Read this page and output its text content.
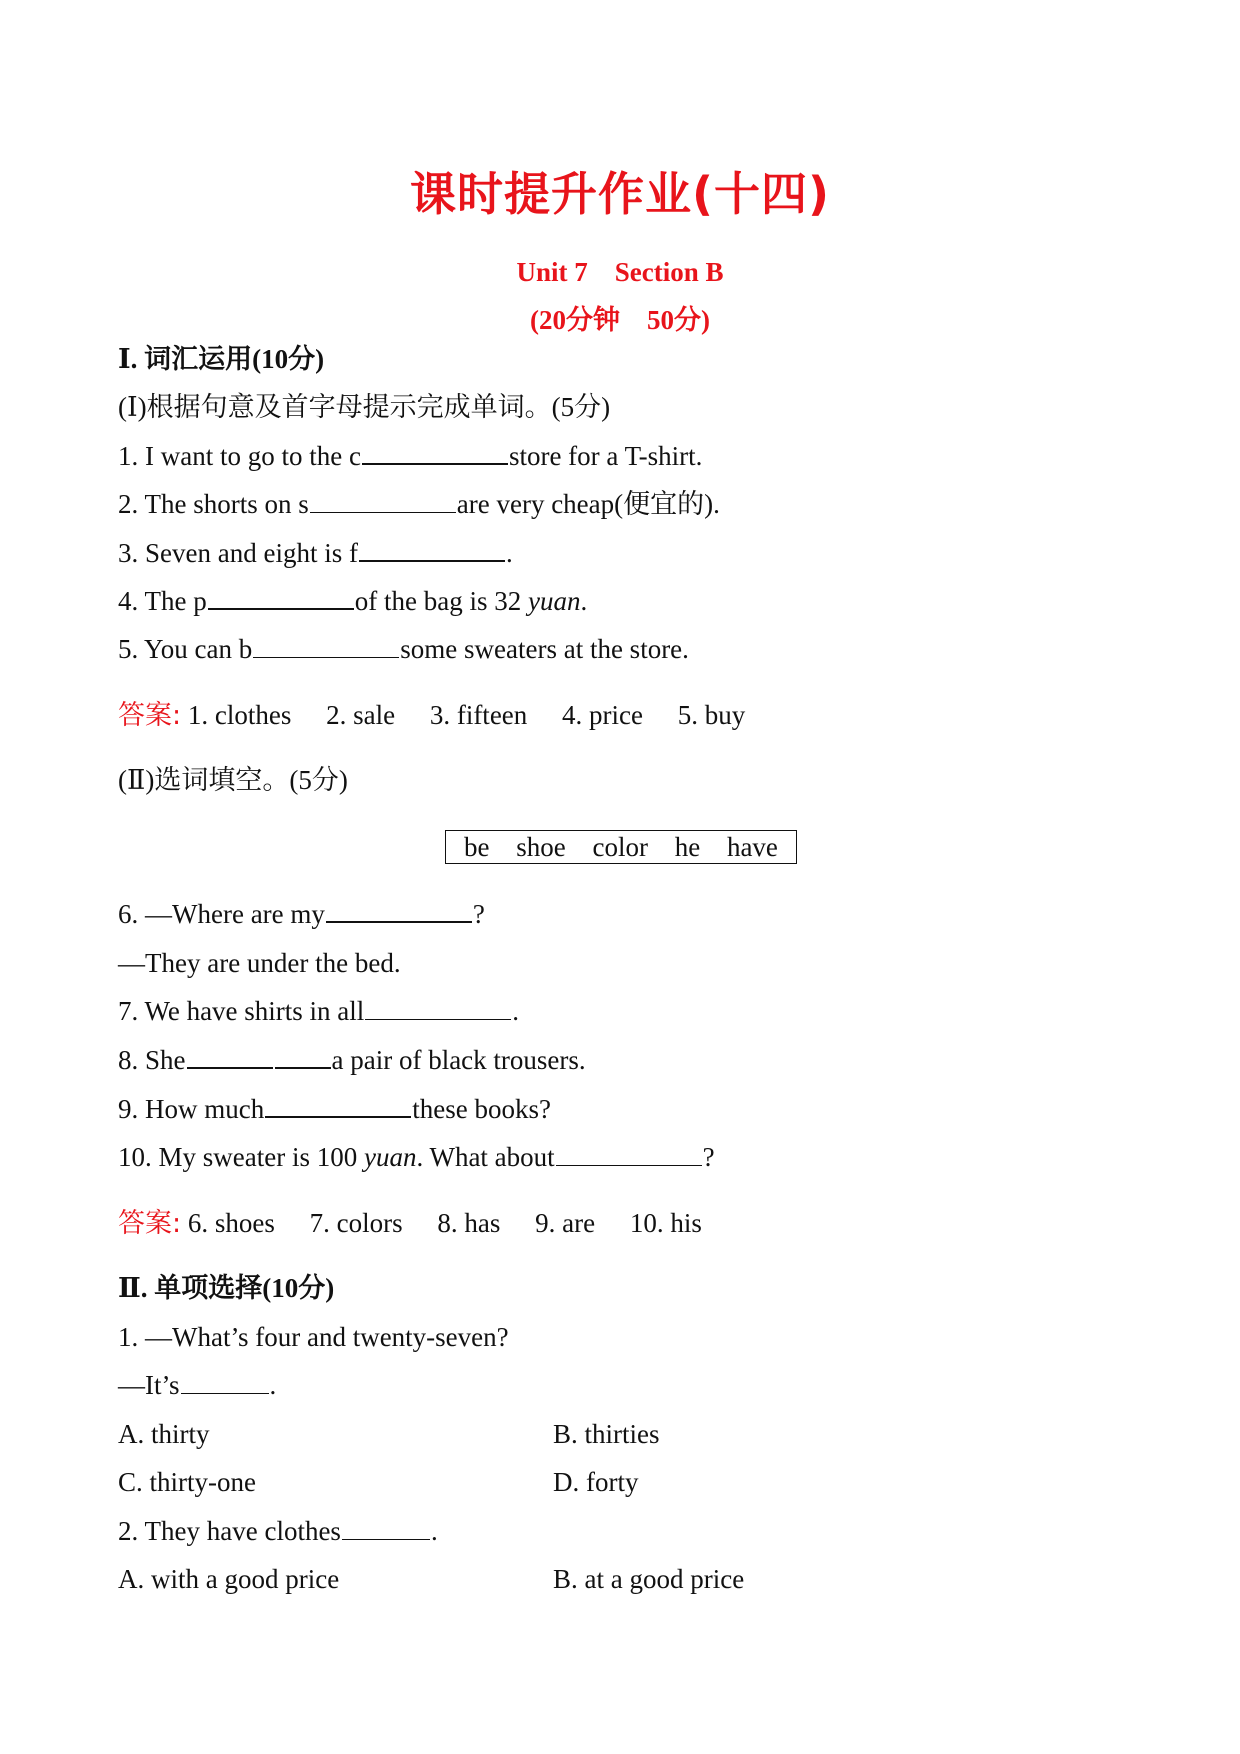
课时提升作业(十四)
Unit 7　Section B
(20分钟　50分)
Ⅰ. 词汇运用(10分)
(Ⅰ)根据句意及首字母提示完成单词。(5分)
1. I want to go to the c	store for a T-shirt.
2. The shorts on s	are very cheap(便宜的).
3. Seven and eight is f	.
4. The p	of the bag is 32 yuan.
5. You can b	some sweaters at the store.
答案: 1. clothes 2. sale 3. fifteen 4. price 5. buy
(Ⅱ)选词填空。(5分)
be shoe color he have
6. —Where are my	?
—They are under the bed.
7. We have shirts in all	.
8. She	a pair of black trousers.
9. How much	these books?
10. My sweater is 100 yuan. What about	?
答案: 6. shoes 7. colors 8. has 9. are 10. his
Ⅱ. 单项选择(10分)
1. —What’s four and twenty-seven?
—It’s	.
A. thirty	B. thirties
C. thirty-one	D. forty
2. They have clothes	.
A. with a good price	B. at a good price
